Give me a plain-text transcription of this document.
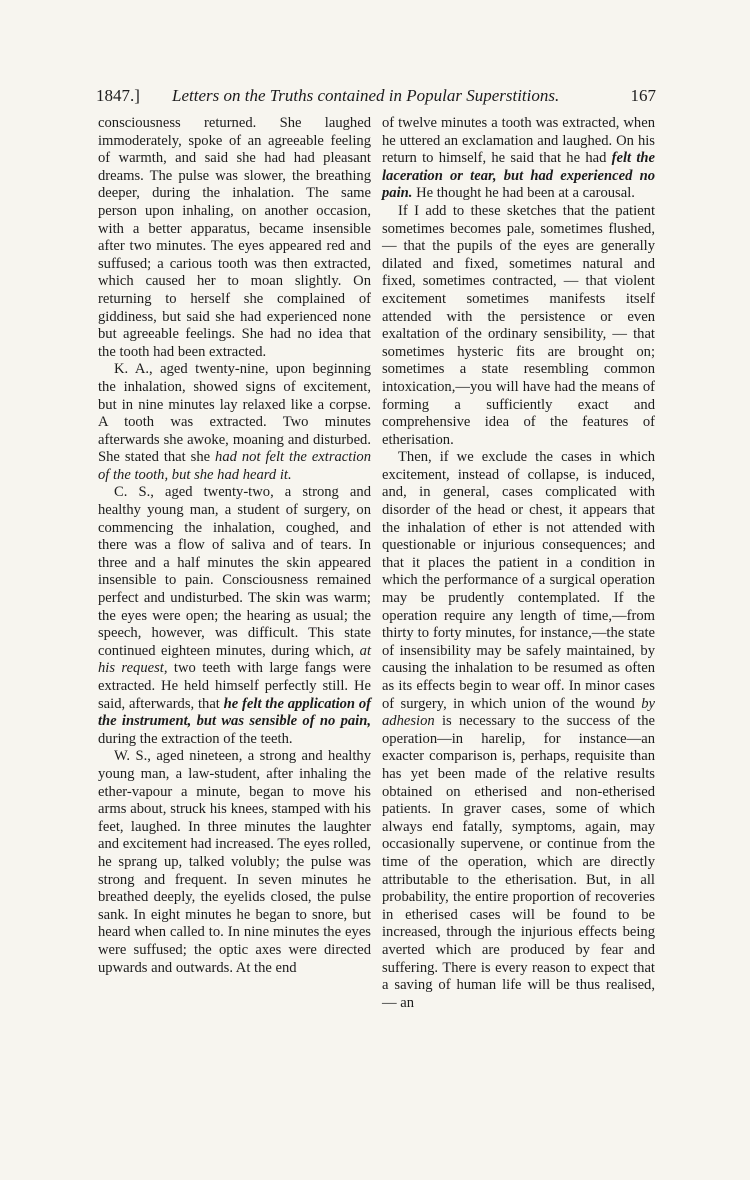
1847.] Letters on the Truths contained in Popular Superstitions.	167

consciousness returned. She laughed immoderately, spoke of an agreeable feeling of warmth, and said she had had pleasant dreams. The pulse was slower, the breathing deeper, during the inhalation. The same person upon inhaling, on another occasion, with a better apparatus, became insensible after two minutes. The eyes appeared red and suffused; a carious tooth was then extracted, which caused her to moan slightly. On returning to herself she complained of giddiness, but said she had experienced none but agreeable feelings. She had no idea that the tooth had been extracted.

K. A., aged twenty-nine, upon beginning the inhalation, showed signs of excitement, but in nine minutes lay relaxed like a corpse. A tooth was extracted. Two minutes afterwards she awoke, moaning and disturbed. She stated that she had not felt the extraction of the tooth, but she had heard it.

C. S., aged twenty-two, a strong and healthy young man, a student of surgery, on commencing the inhalation, coughed, and there was a flow of saliva and of tears. In three and a half minutes the skin appeared insensible to pain. Consciousness remained perfect and undisturbed. The skin was warm; the eyes were open; the hearing as usual; the speech, however, was difficult. This state continued eighteen minutes, during which, at his request, two teeth with large fangs were extracted. He held himself perfectly still. He said, afterwards, that he felt the application of the instrument, but was sensible of no pain, during the extraction of the teeth.

W. S., aged nineteen, a strong and healthy young man, a law-student, after inhaling the ether-vapour a minute, began to move his arms about, struck his knees, stamped with his feet, laughed. In three minutes the laughter and excitement had increased. The eyes rolled, he sprang up, talked volubly; the pulse was strong and frequent. In seven minutes he breathed deeply, the eyelids closed, the pulse sank. In eight minutes he began to snore, but heard when called to. In nine minutes the eyes were suffused; the optic axes were directed upwards and outwards. At the end

of twelve minutes a tooth was extracted, when he uttered an exclamation and laughed. On his return to himself, he said that he had felt the laceration or tear, but had experienced no pain. He thought he had been at a carousal.

If I add to these sketches that the patient sometimes becomes pale, sometimes flushed, — that the pupils of the eyes are generally dilated and fixed, sometimes natural and fixed, sometimes contracted, — that violent excitement sometimes manifests itself attended with the persistence or even exaltation of the ordinary sensibility, — that sometimes hysteric fits are brought on; sometimes a state resembling common intoxication,—you will have had the means of forming a sufficiently exact and comprehensive idea of the features of etherisation.

Then, if we exclude the cases in which excitement, instead of collapse, is induced, and, in general, cases complicated with disorder of the head or chest, it appears that the inhalation of ether is not attended with questionable or injurious consequences; and that it places the patient in a condition in which the performance of a surgical operation may be prudently contemplated. If the operation require any length of time,—from thirty to forty minutes, for instance,—the state of insensibility may be safely maintained, by causing the inhalation to be resumed as often as its effects begin to wear off. In minor cases of surgery, in which union of the wound by adhesion is necessary to the success of the operation—in harelip, for instance—an exacter comparison is, perhaps, requisite than has yet been made of the relative results obtained on etherised and non-etherised patients. In graver cases, some of which always end fatally, symptoms, again, may occasionally supervene, or continue from the time of the operation, which are directly attributable to the etherisation. But, in all probability, the entire proportion of recoveries in etherised cases will be found to be increased, through the injurious effects being averted which are produced by fear and suffering. There is every reason to expect that a saving of human life will be thus realised, — an
